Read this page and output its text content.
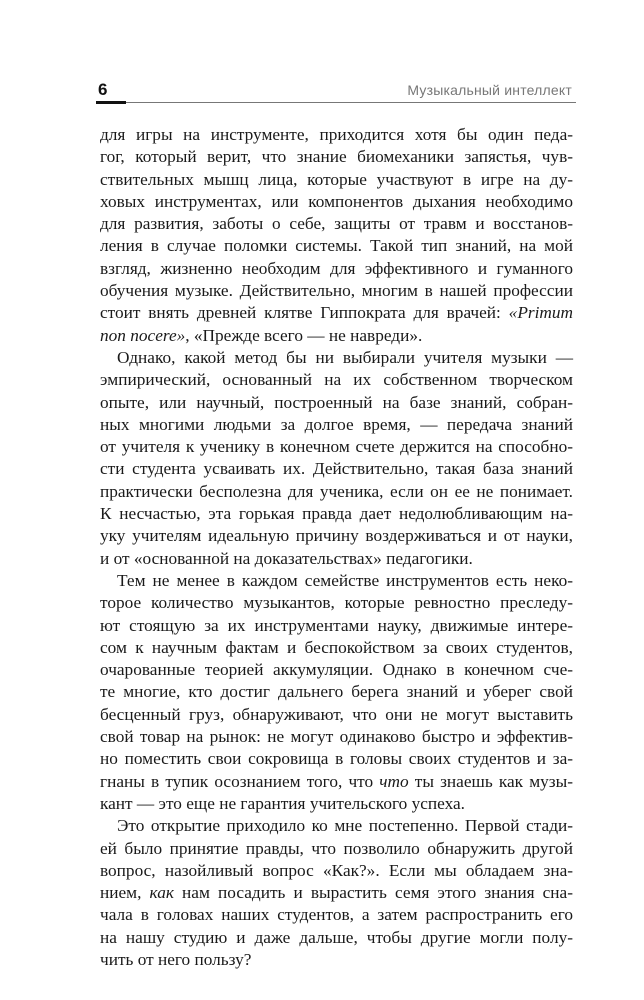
6	Музыкальный интеллект
для игры на инструменте, приходится хотя бы один педа-
гог, который верит, что знание биомеханики запястья, чув-
ствительных мышц лица, которые участвуют в игре на ду-
ховых инструментах, или компонентов дыхания необходимо
для развития, заботы о себе, защиты от травм и восстанов-
ления в случае поломки системы. Такой тип знаний, на мой
взгляд, жизненно необходим для эффективного и гуманного
обучения музыке. Действительно, многим в нашей профессии
стоит внять древней клятве Гиппократа для врачей: «Primum
non nocere», «Прежде всего — не навреди».
Однако, какой метод бы ни выбирали учителя музыки —
эмпирический, основанный на их собственном творческом
опыте, или научный, построенный на базе знаний, собран-
ных многими людьми за долгое время, — передача знаний
от учителя к ученику в конечном счете держится на способно-
сти студента усваивать их. Действительно, такая база знаний
практически бесполезна для ученика, если он ее не понимает.
К несчастью, эта горькая правда дает недолюбливающим на-
уку учителям идеальную причину воздерживаться и от науки,
и от «основанной на доказательствах» педагогики.
Тем не менее в каждом семействе инструментов есть неко-
торое количество музыкантов, которые ревностно преследу-
ют стоящую за их инструментами науку, движимые интере-
сом к научным фактам и беспокойством за своих студентов,
очарованные теорией аккумуляции. Однако в конечном сче-
те многие, кто достиг дальнего берега знаний и уберег свой
бесценный груз, обнаруживают, что они не могут выставить
свой товар на рынок: не могут одинаково быстро и эффектив-
но поместить свои сокровища в головы своих студентов и за-
гнаны в тупик осознанием того, что что ты знаешь как музы-
кант — это еще не гарантия учительского успеха.
Это открытие приходило ко мне постепенно. Первой стади-
ей было принятие правды, что позволило обнаружить другой
вопрос, назойливый вопрос «Как?». Если мы обладаем зна-
нием, как нам посадить и вырастить семя этого знания сна-
чала в головах наших студентов, а затем распространить его
на нашу студию и даже дальше, чтобы другие могли полу-
чить от него пользу?
